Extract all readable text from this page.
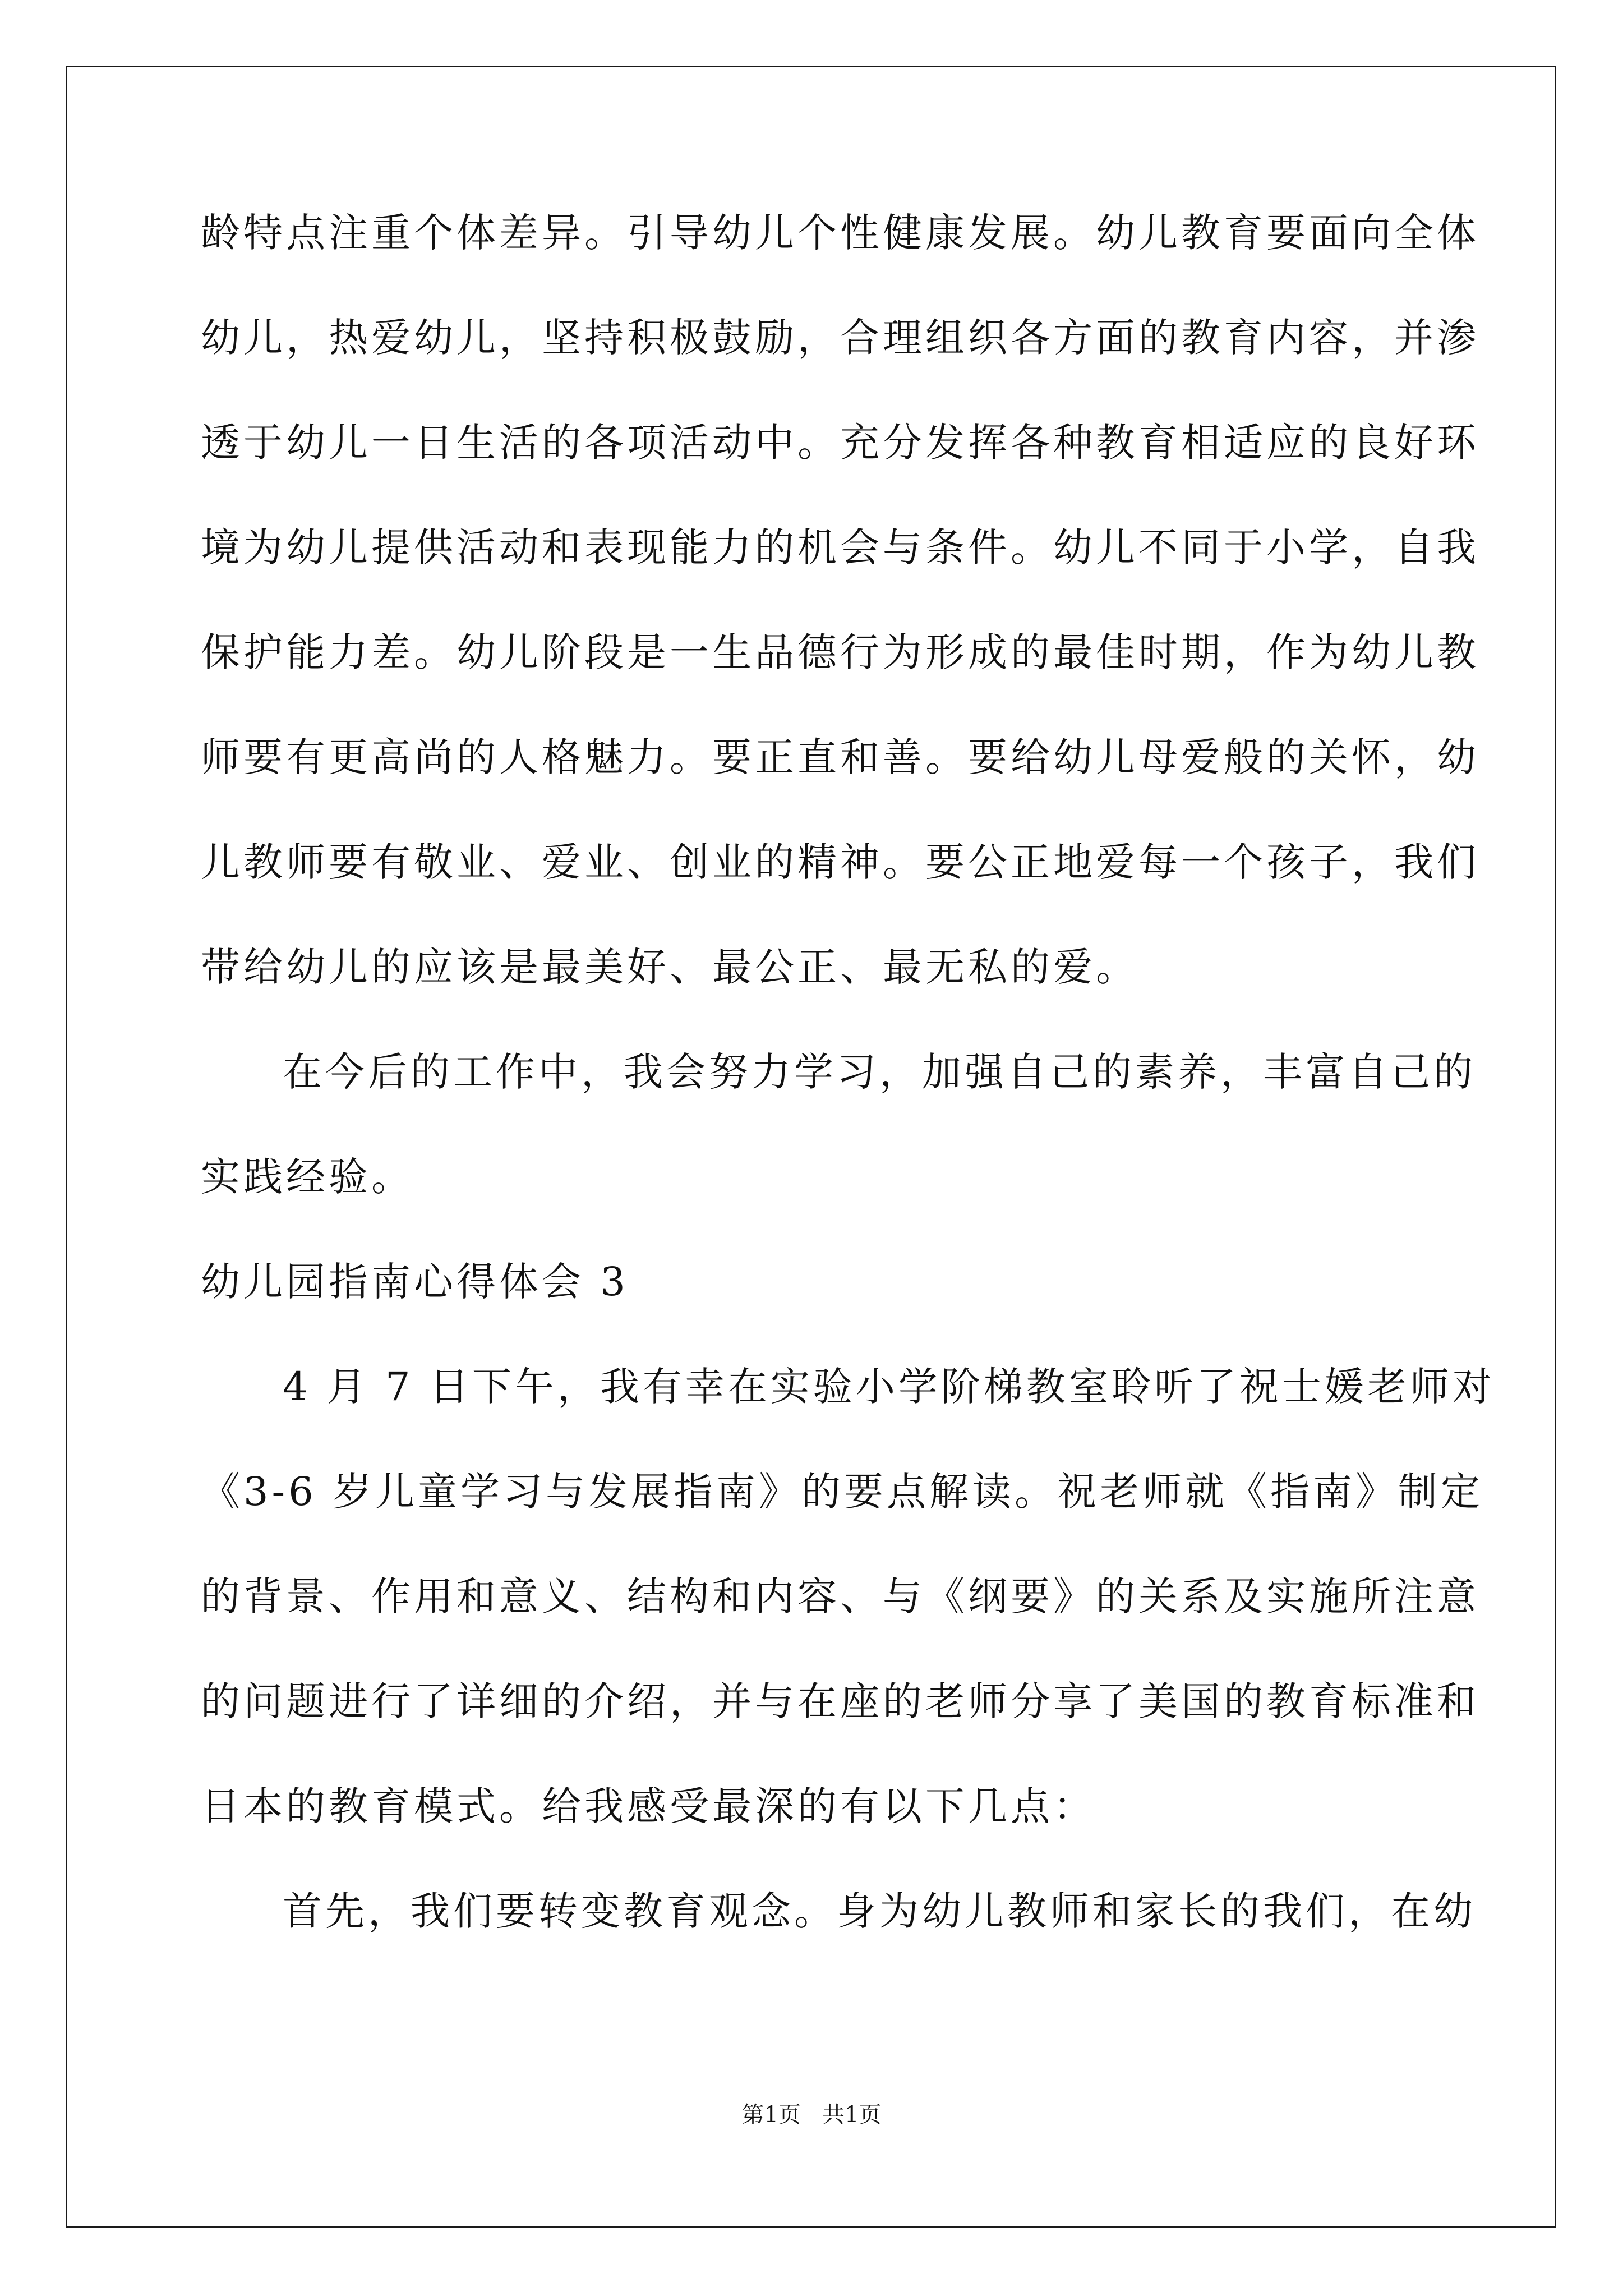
龄特点注重个体差异。引导幼儿个性健康发展。幼儿教育要面向全体
幼儿，热爱幼儿，坚持积极鼓励，合理组织各方面的教育内容，并渗
透于幼儿一日生活的各项活动中。充分发挥各种教育相适应的良好环
境为幼儿提供活动和表现能力的机会与条件。幼儿不同于小学，自我
保护能力差。幼儿阶段是一生品德行为形成的最佳时期，作为幼儿教
师要有更高尚的人格魅力。要正直和善。要给幼儿母爱般的关怀，幼
儿教师要有敬业、爱业、创业的精神。要公正地爱每一个孩子，我们
带给幼儿的应该是最美好、最公正、最无私的爱。
在今后的工作中，我会努力学习，加强自己的素养，丰富自己的
实践经验。
幼儿园指南心得体会 3
4 月 7 日下午，我有幸在实验小学阶梯教室聆听了祝士媛老师对
《3-6 岁儿童学习与发展指南》的要点解读。祝老师就《指南》制定
的背景、作用和意义、结构和内容、与《纲要》的关系及实施所注意
的问题进行了详细的介绍，并与在座的老师分享了美国的教育标准和
日本的教育模式。给我感受最深的有以下几点：
首先，我们要转变教育观念。身为幼儿教师和家长的我们，在幼
第1页   共1页
